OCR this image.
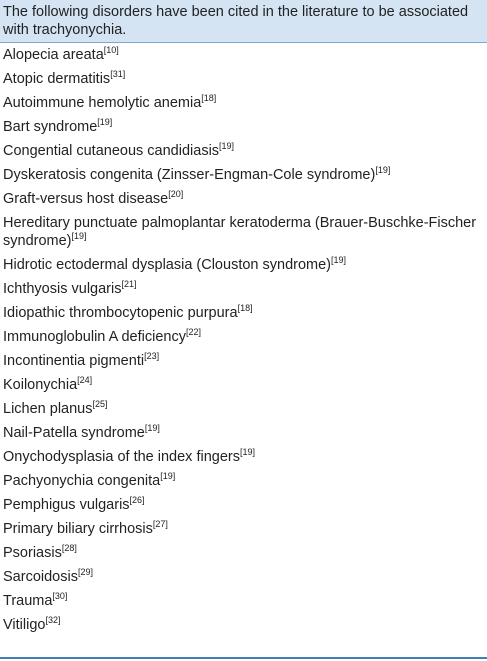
The following disorders have been cited in the literature to be associated with trachyonychia.
Alopecia areata[10]
Atopic dermatitis[31]
Autoimmune hemolytic anemia[18]
Bart syndrome[19]
Congential cutaneous candidiasis[19]
Dyskeratosis congenita (Zinsser-Engman-Cole syndrome)[19]
Graft-versus host disease[20]
Hereditary punctuate palmoplantar keratoderma (Brauer-Buschke-Fischer syndrome)[19]
Hidrotic ectodermal dysplasia (Clouston syndrome)[19]
Ichthyosis vulgaris[21]
Idiopathic thrombocytopenic purpura[18]
Immunoglobulin A deficiency[22]
Incontinentia pigmenti[23]
Koilonychia[24]
Lichen planus[25]
Nail-Patella syndrome[19]
Onychodysplasia of the index fingers[19]
Pachyonychia congenita[19]
Pemphigus vulgaris[26]
Primary biliary cirrhosis[27]
Psoriasis[28]
Sarcoidosis[29]
Trauma[30]
Vitiligo[32]
